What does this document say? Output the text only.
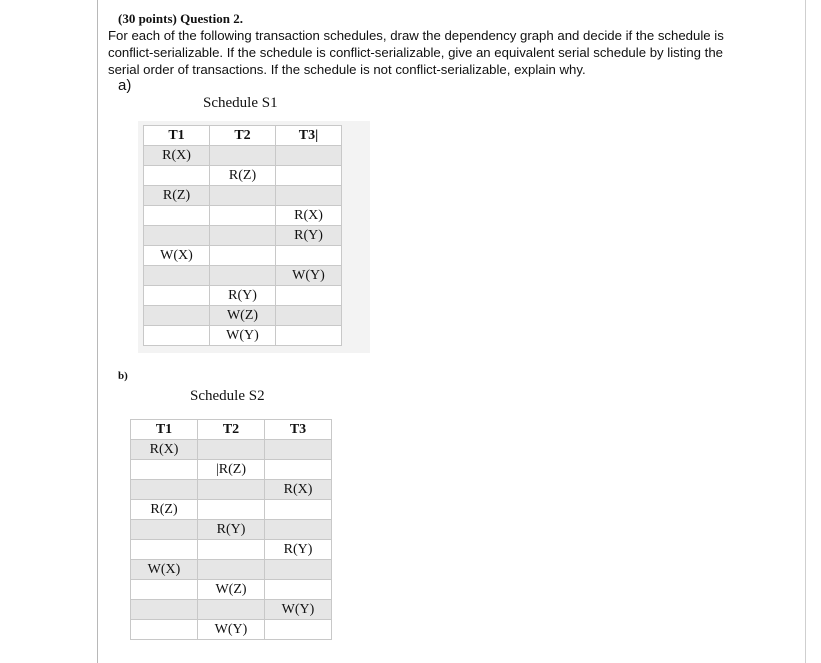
(30 points) Question 2.
For each of the following transaction schedules, draw the dependency graph and decide if the schedule is conflict-serializable. If the schedule is conflict-serializable, give an equivalent serial schedule by listing the serial order of transactions. If the schedule is not conflict-serializable, explain why.
a)
Schedule S1
T1	T2	T3|
R(X)		
	R(Z)	
R(Z)		
		R(X)
		R(Y)
W(X)		
		W(Y)
	R(Y)	
	W(Z)	
	W(Y)	
b)
Schedule S2
T1	T2	T3
R(X)		
	|R(Z)	
		R(X)
R(Z)		
	R(Y)	
		R(Y)
W(X)		
	W(Z)	
		W(Y)
	W(Y)	
